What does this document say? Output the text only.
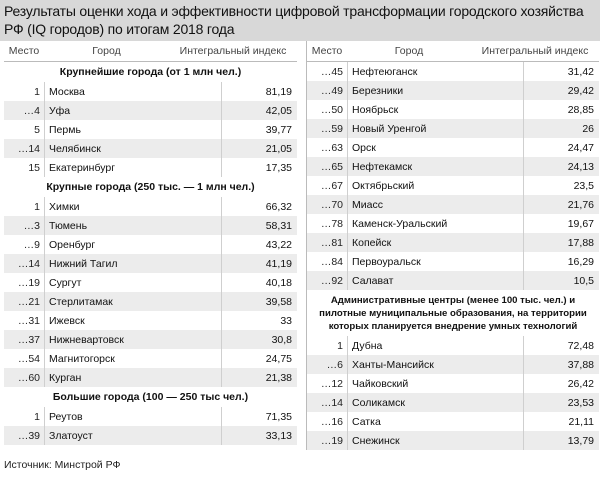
Результаты оценки хода и эффективности цифровой трансформации городского хозяйства РФ (IQ городов) по итогам 2018 года
Место	Город	Интегральный индекс
Крупнейшие города (от 1 млн чел.)
1 Москва	81,19
…4 Уфа	42,05
5 Пермь	39,77
…14 Челябинск	21,05
15 Екатеринбург	17,35
Крупные города (250 тыс. — 1 млн чел.)
1 Химки	66,32
…3 Тюмень	58,31
…9 Оренбург	43,22
…14 Нижний Тагил	41,19
…19 Сургут	40,18
…21 Стерлитамак	39,58
…31 Ижевск	33
…37 Нижневартовск	30,8
…54 Магнитогорск	24,75
…60 Курган	21,38
Большие города (100 — 250 тыс чел.)
1 Реутов	71,35
…39 Златоуст	33,13
Место	Город	Интегральный индекс
…45 Нефтеюганск	31,42
…49 Березники	29,42
…50 Ноябрьск	28,85
…59 Новый Уренгой	26
…63 Орск	24,47
…65 Нефтекамск	24,13
…67 Октябрьский	23,5
…70 Миасс	21,76
…78 Каменск-Уральский	19,67
…81 Копейск	17,88
…84 Первоуральск	16,29
…92 Салават	10,5
Административные центры (менее 100 тыс. чел.) и
пилотные муниципальные образования, на территории
которых планируется внедрение умных технологий
1 Дубна	72,48
…6 Ханты-Мансийск	37,88
…12 Чайковский	26,42
…14 Соликамск	23,53
…16 Сатка	21,11
…19 Снежинск	13,79
Источник: Минстрой РФ
